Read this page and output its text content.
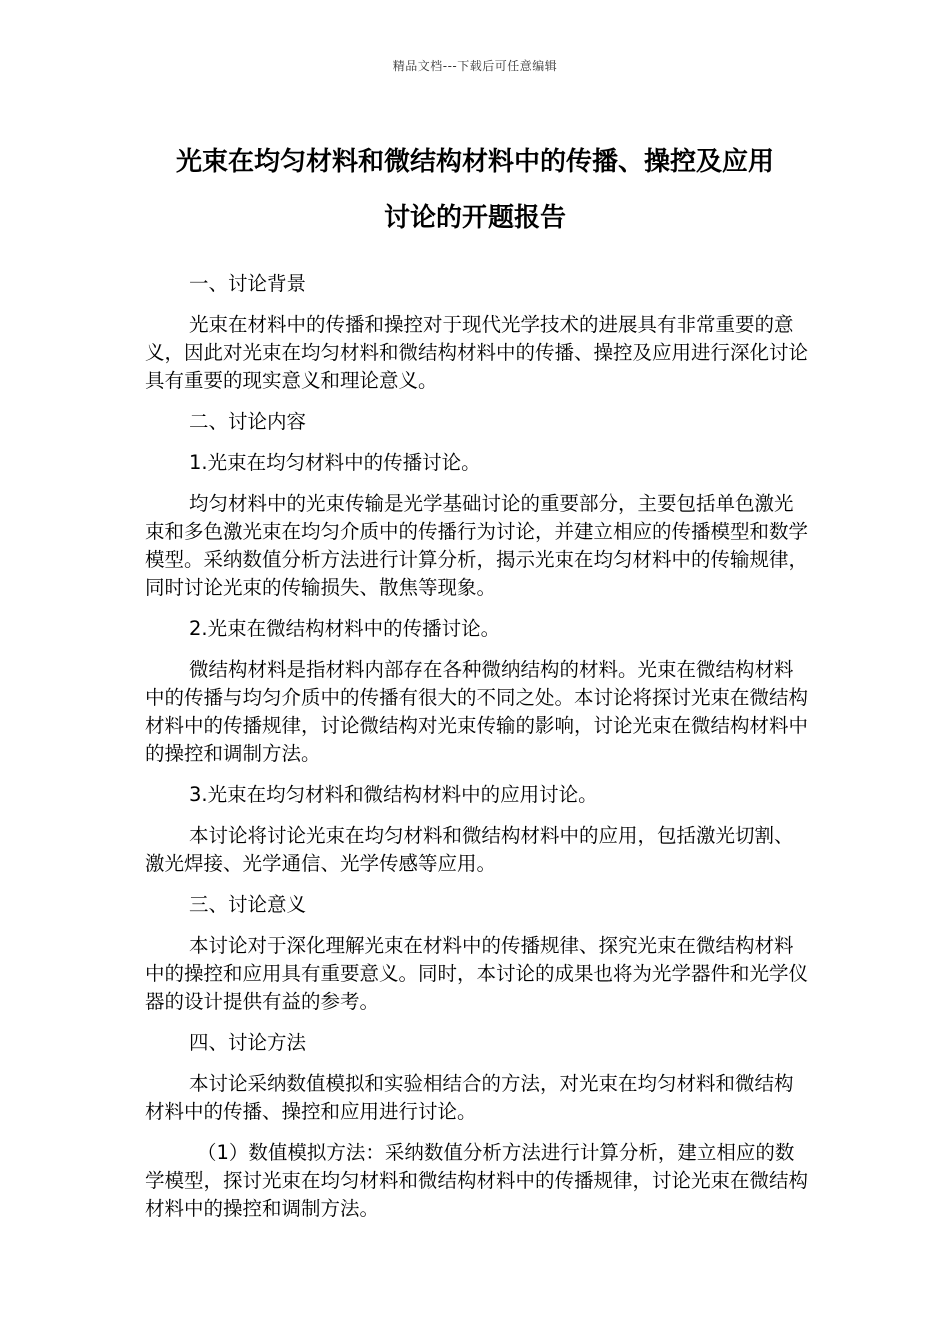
精品文档---下载后可任意编辑
光束在均匀材料和微结构材料中的传播、操控及应用
讨论的开题报告

一、讨论背景

光束在材料中的传播和操控对于现代光学技术的进展具有非常重要的意义，因此对光束在均匀材料和微结构材料中的传播、操控及应用进行深化讨论具有重要的现实意义和理论意义。

二、讨论内容

1.光束在均匀材料中的传播讨论。

均匀材料中的光束传输是光学基础讨论的重要部分，主要包括单色激光束和多色激光束在均匀介质中的传播行为讨论，并建立相应的传播模型和数学模型。采纳数值分析方法进行计算分析，揭示光束在均匀材料中的传输规律，同时讨论光束的传输损失、散焦等现象。

2.光束在微结构材料中的传播讨论。

微结构材料是指材料内部存在各种微纳结构的材料。光束在微结构材料中的传播与均匀介质中的传播有很大的不同之处。本讨论将探讨光束在微结构材料中的传播规律，讨论微结构对光束传输的影响，讨论光束在微结构材料中的操控和调制方法。

3.光束在均匀材料和微结构材料中的应用讨论。

本讨论将讨论光束在均匀材料和微结构材料中的应用，包括激光切割、激光焊接、光学通信、光学传感等应用。

三、讨论意义

本讨论对于深化理解光束在材料中的传播规律、探究光束在微结构材料中的操控和应用具有重要意义。同时，本讨论的成果也将为光学器件和光学仪器的设计提供有益的参考。

四、讨论方法

本讨论采纳数值模拟和实验相结合的方法，对光束在均匀材料和微结构材料中的传播、操控和应用进行讨论。

（1）数值模拟方法：采纳数值分析方法进行计算分析，建立相应的数学模型，探讨光束在均匀材料和微结构材料中的传播规律，讨论光束在微结构材料中的操控和调制方法。
